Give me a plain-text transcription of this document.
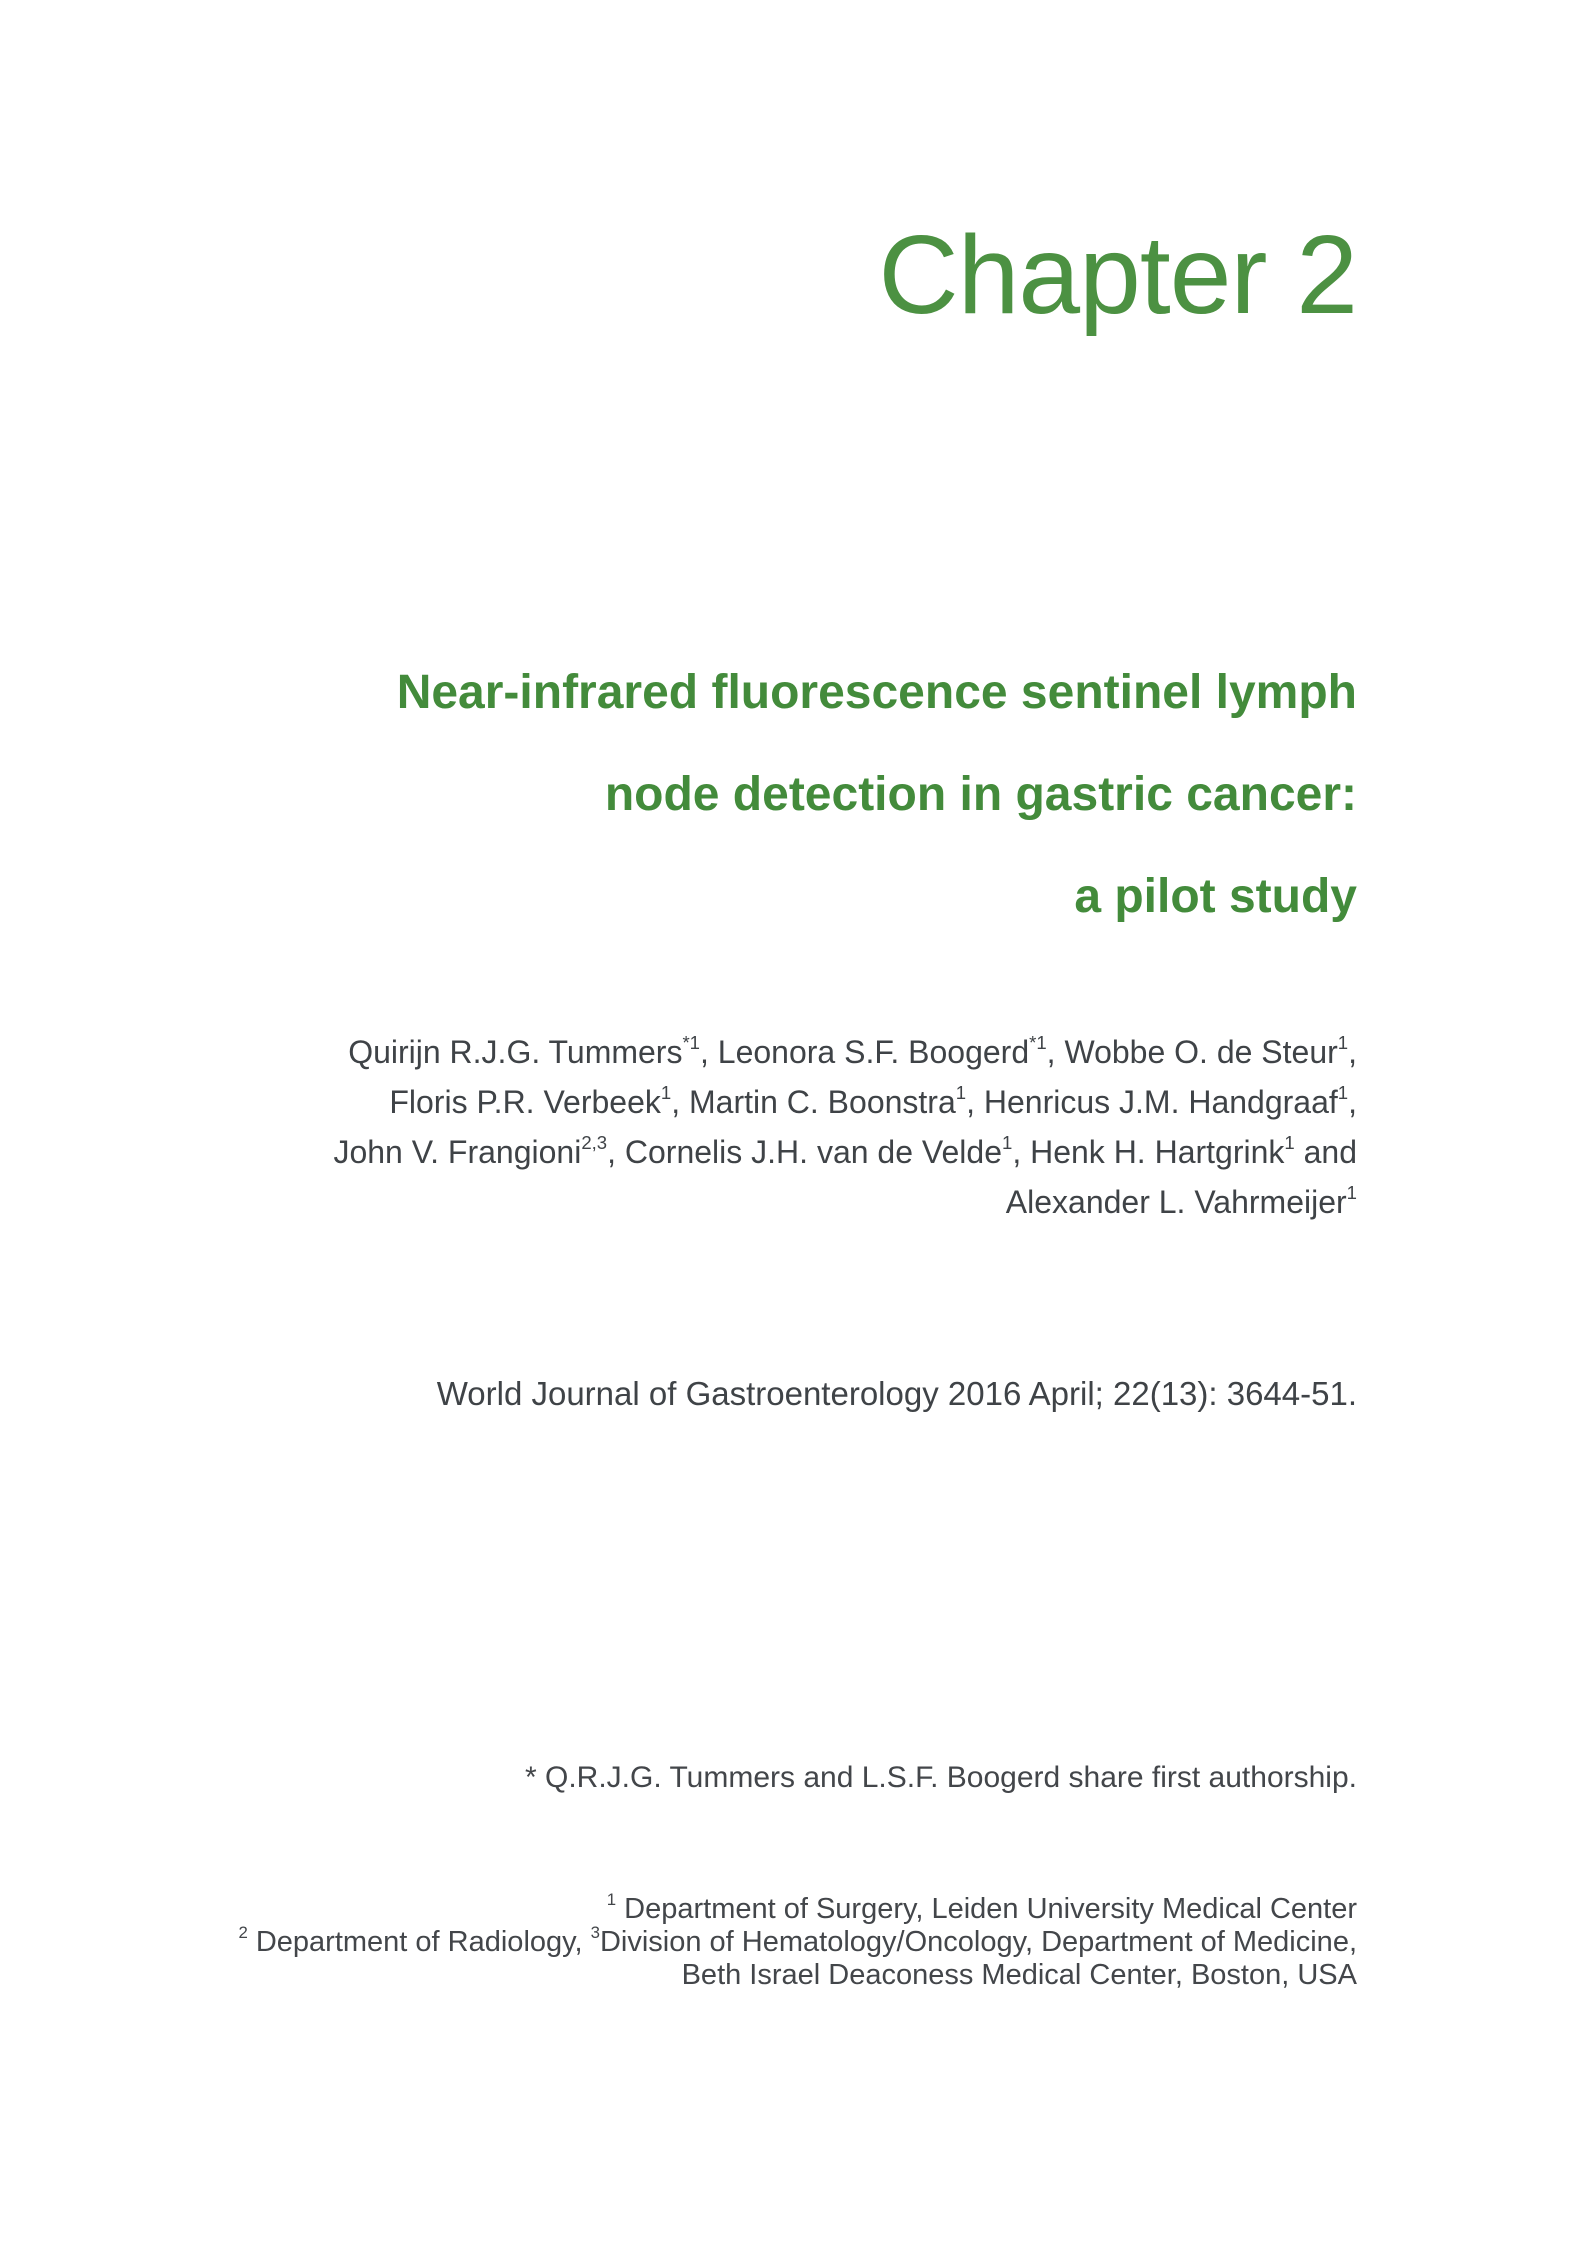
Chapter 2
Near-infrared fluorescence sentinel lymph
node detection in gastric cancer:
a pilot study
Quirijn R.J.G. Tummers$^{*1}$, Leonora S.F. Boogerd$^{*1}$, Wobbe O. de Steur$^1$,
Floris P.R. Verbeek$^1$, Martin C. Boonstra$^1$, Henricus J.M. Handgraaf$^1$,
John V. Frangioni$^{2,3}$, Cornelis J.H. van de Velde$^1$, Henk H. Hartgrink$^1$ and
Alexander L. Vahrmeijer$^1$
World Journal of Gastroenterology 2016 April; 22(13): 3644-51.
* Q.R.J.G. Tummers and L.S.F. Boogerd share first authorship.
$^1$ Department of Surgery, Leiden University Medical Center
$^2$ Department of Radiology, $^3$Division of Hematology/Oncology, Department of Medicine,
Beth Israel Deaconess Medical Center, Boston, USA
